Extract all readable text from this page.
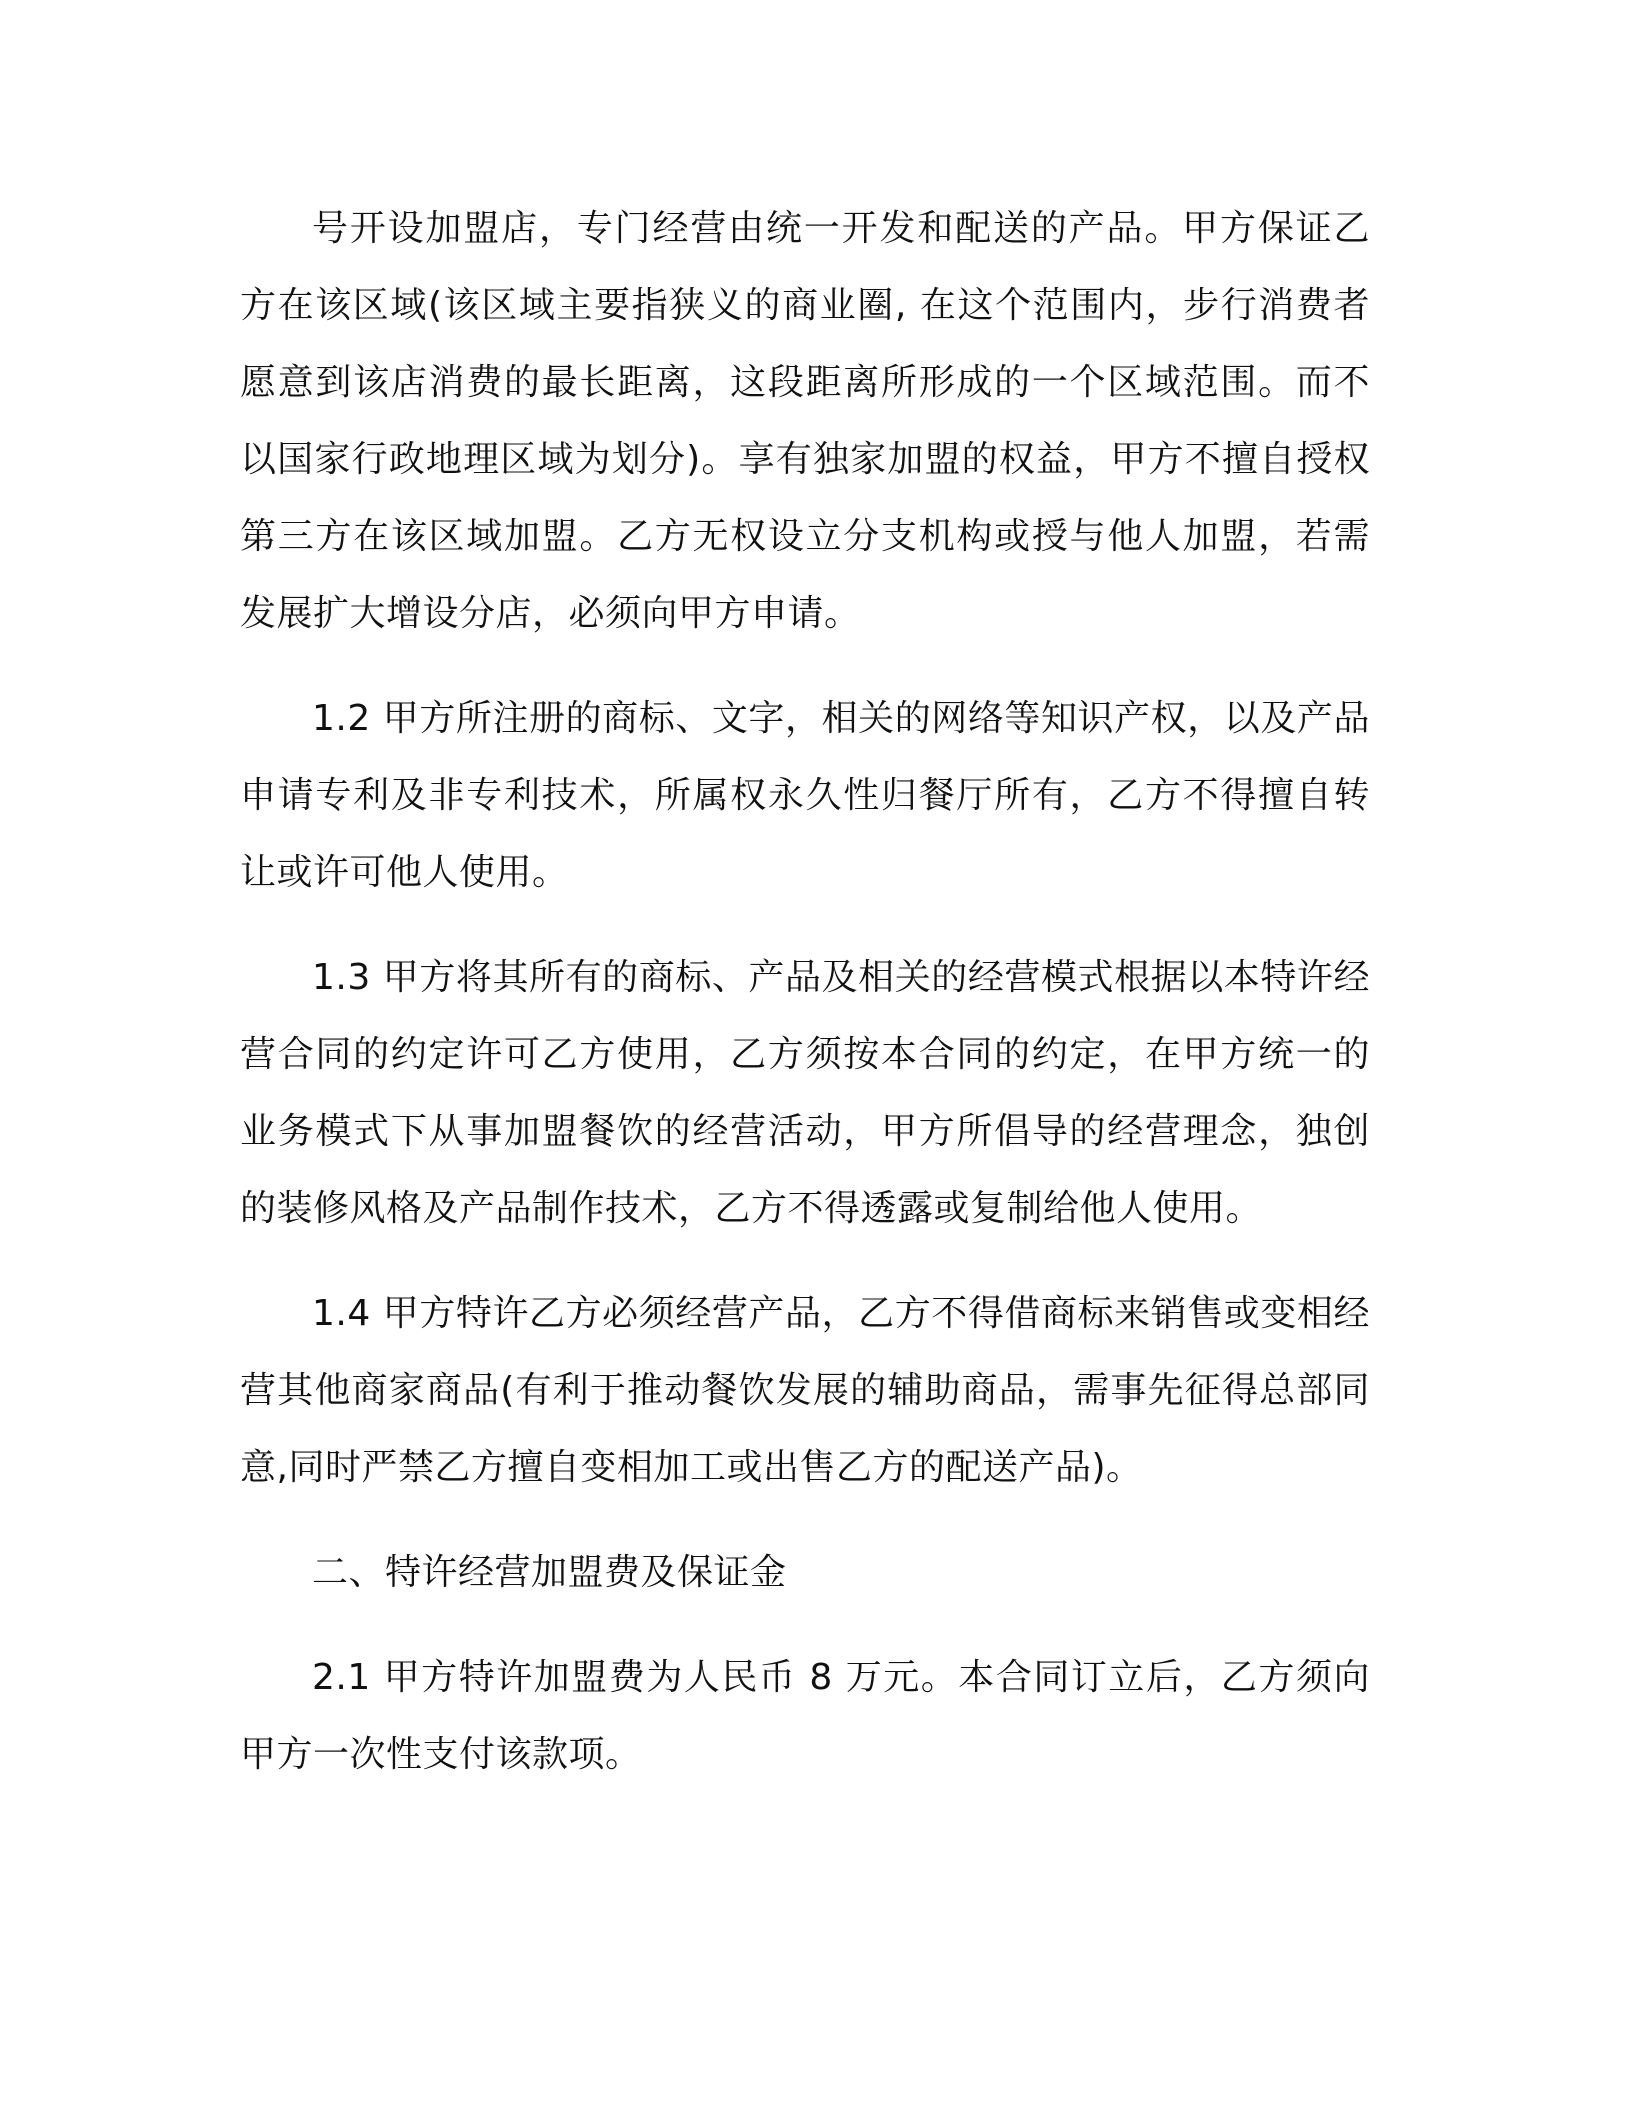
号开设加盟店，专门经营由统一开发和配送的产品。甲方保证乙方在该区域(该区域主要指狭义的商业圈, 在这个范围内，步行消费者愿意到该店消费的最长距离，这段距离所形成的一个区域范围。而不以国家行政地理区域为划分)。享有独家加盟的权益，甲方不擅自授权第三方在该区域加盟。乙方无权设立分支机构或授与他人加盟，若需发展扩大增设分店，必须向甲方申请。

1.2 甲方所注册的商标、文字，相关的网络等知识产权，以及产品申请专利及非专利技术，所属权永久性归餐厅所有，乙方不得擅自转让或许可他人使用。

1.3 甲方将其所有的商标、产品及相关的经营模式根据以本特许经营合同的约定许可乙方使用，乙方须按本合同的约定，在甲方统一的业务模式下从事加盟餐饮的经营活动，甲方所倡导的经营理念，独创的装修风格及产品制作技术，乙方不得透露或复制给他人使用。

1.4 甲方特许乙方必须经营产品，乙方不得借商标来销售或变相经营其他商家商品(有利于推动餐饮发展的辅助商品，需事先征得总部同意,同时严禁乙方擅自变相加工或出售乙方的配送产品)。

二、特许经营加盟费及保证金

2.1 甲方特许加盟费为人民币 8 万元。本合同订立后，乙方须向甲方一次性支付该款项。
